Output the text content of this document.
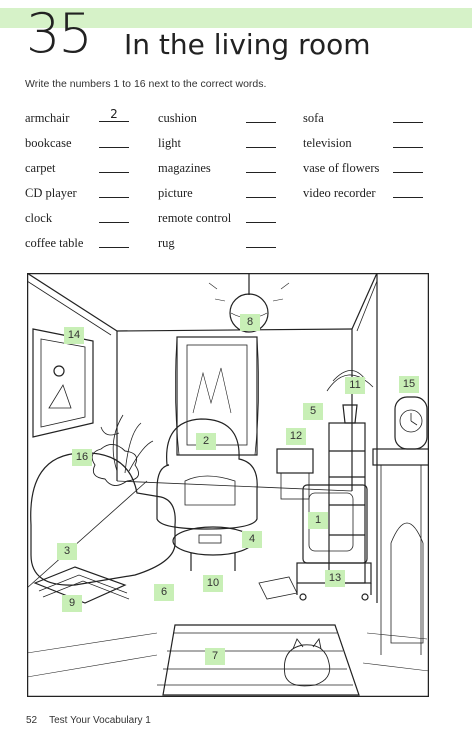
35 In the living room
Write the numbers 1 to 16 next to the correct words.
armchair	2
bookcase
carpet
CD player
clock
coffee table
cushion
light
magazines
picture
remote control
rug
sofa
television
vase of flowers
video recorder
1
2
3
4
5
6
7
8
9
10
11
12
13
14
15
16
52 Test Your Vocabulary 1
